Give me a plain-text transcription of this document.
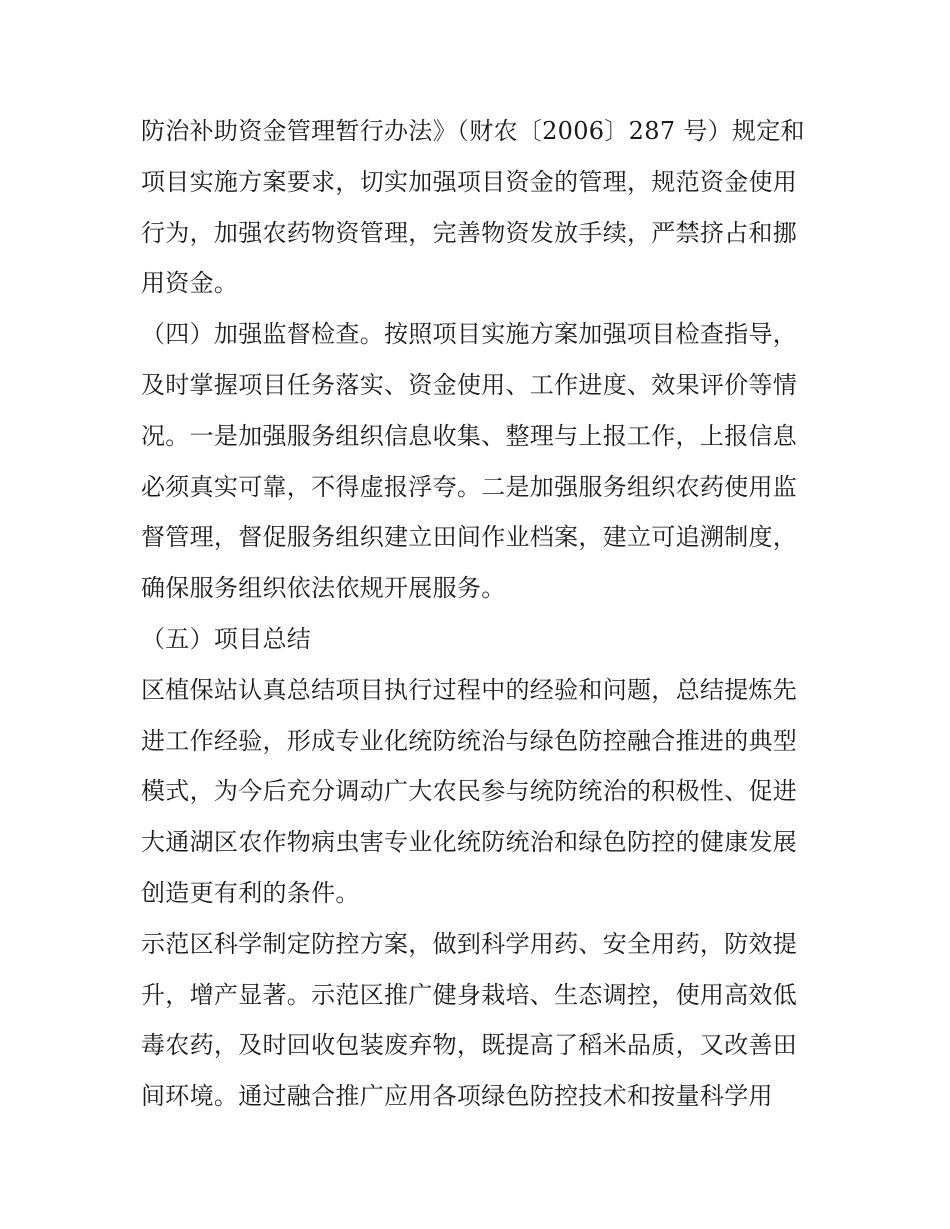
防治补助资金管理暂行办法》（财农〔2006〕287 号）规定和
项目实施方案要求，切实加强项目资金的管理，规范资金使用
行为，加强农药物资管理，完善物资发放手续，严禁挤占和挪
用资金。
（四）加强监督检查。按照项目实施方案加强项目检查指导，
及时掌握项目任务落实、资金使用、工作进度、效果评价等情
况。一是加强服务组织信息收集、整理与上报工作，上报信息
必须真实可靠，不得虚报浮夸。二是加强服务组织农药使用监
督管理，督促服务组织建立田间作业档案，建立可追溯制度，
确保服务组织依法依规开展服务。
（五）项目总结
区植保站认真总结项目执行过程中的经验和问题，总结提炼先
进工作经验，形成专业化统防统治与绿色防控融合推进的典型
模式，为今后充分调动广大农民参与统防统治的积极性、促进
大通湖区农作物病虫害专业化统防统治和绿色防控的健康发展
创造更有利的条件。
示范区科学制定防控方案，做到科学用药、安全用药，防效提
升，增产显著。示范区推广健身栽培、生态调控，使用高效低
毒农药，及时回收包装废弃物，既提高了稻米品质，又改善田
间环境。通过融合推广应用各项绿色防控技术和按量科学用
